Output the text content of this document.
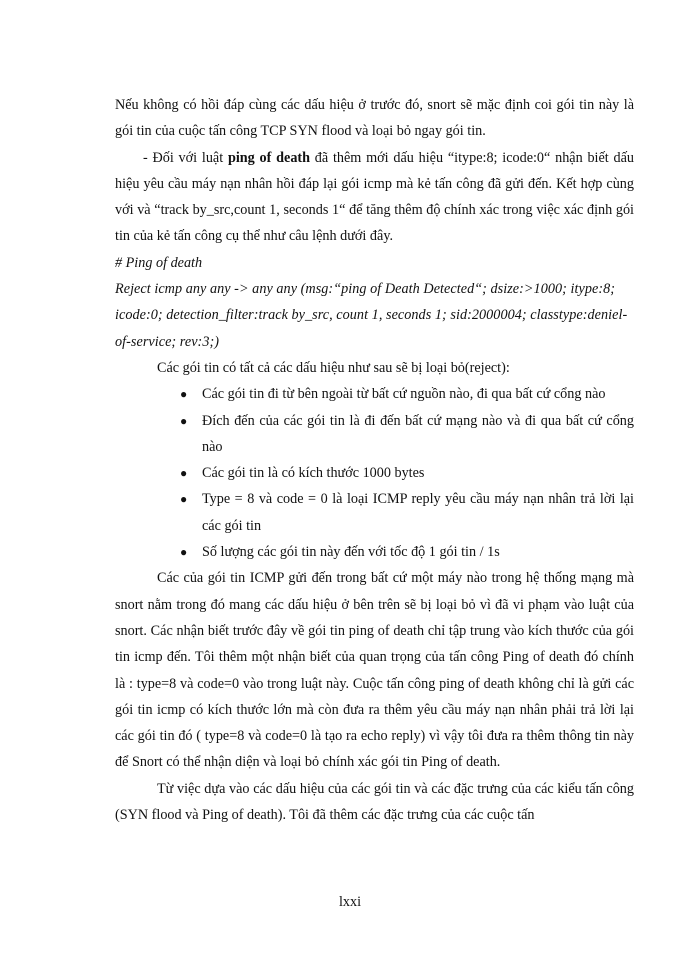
Nếu không có hồi đáp cùng các dấu hiệu ở trước đó, snort sẽ mặc định coi gói tin này là gói tin của cuộc tấn công TCP SYN flood và loại bỏ ngay gói tin.

- Đối với luật ping of death đã thêm mới dấu hiệu “itype:8; icode:0“ nhận biết dấu hiệu yêu cầu máy nạn nhân hồi đáp lại gói icmp mà kẻ tấn công đã gửi đến. Kết hợp cùng với và “track by_src,count 1, seconds 1“ để tăng thêm độ chính xác trong việc xác định gói tin của kẻ tấn công cụ thể như câu lệnh dưới đây.

# Ping of death

Reject icmp any any -> any any (msg:“ping of Death Detected“; dsize:>1000; itype:8; icode:0; detection_filter:track by_src, count 1, seconds 1; sid:2000004; classtype:deniel-of-service; rev:3;)

Các gói tin có tất cả các dấu hiệu như sau sẽ bị loại bỏ(reject):

● Các gói tin đi từ bên ngoài từ bất cứ nguồn nào, đi qua bất cứ cổng nào
● Đích đến của các gói tin là đi đến bất cứ mạng nào và đi qua bất cứ cổng nào
● Các gói tin là có kích thước 1000 bytes
● Type = 8 và code = 0 là loại ICMP reply yêu cầu máy nạn nhân trả lời lại các gói tin
● Số lượng các gói tin này đến với tốc độ 1 gói tin / 1s

Các của gói tin ICMP gửi đến trong bất cứ một máy nào trong hệ thống mạng mà snort nằm trong đó mang các dấu hiệu ở bên trên sẽ bị loại bỏ vì đã vi phạm vào luật của snort. Các nhận biết trước đây về gói tin ping of death chỉ tập trung vào kích thước của gói tin icmp đến. Tôi thêm một nhận biết của quan trọng của tấn công Ping of death đó chính là : type=8 và code=0 vào trong luật này. Cuộc tấn công ping of death không chỉ là gửi các gói tin icmp có kích thước lớn mà còn đưa ra thêm yêu cầu máy nạn nhân phải trả lời lại các gói tin đó ( type=8 và code=0 là tạo ra echo reply) vì vậy tôi đưa ra thêm thông tin này để Snort có thể nhận diện và loại bỏ chính xác gói tin Ping of death.

Từ việc dựa vào các dấu hiệu của các gói tin và các đặc trưng của các kiểu tấn công (SYN flood và Ping of death). Tôi đã thêm các đặc trưng của các cuộc tấn

lxxi
